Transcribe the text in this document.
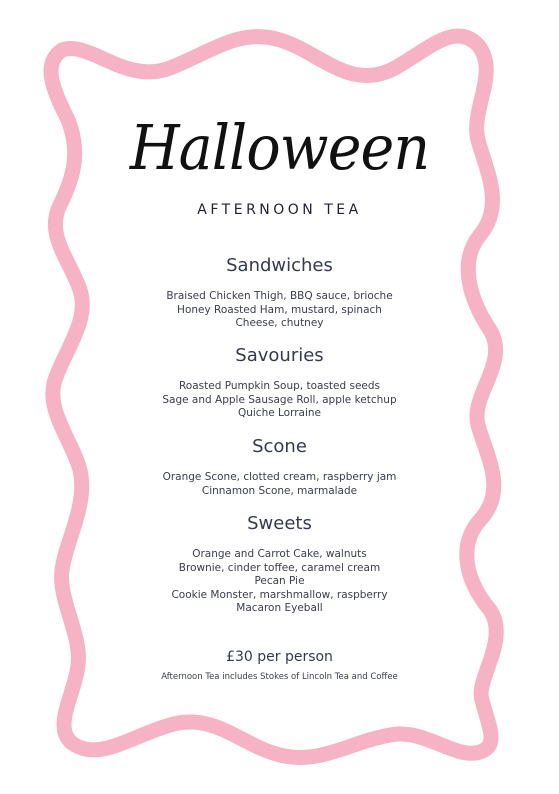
Halloween
AFTERNOON TEA
Sandwiches
Braised Chicken Thigh, BBQ sauce, brioche
Honey Roasted Ham, mustard, spinach
Cheese, chutney
Savouries
Roasted Pumpkin Soup, toasted seeds
Sage and Apple Sausage Roll, apple ketchup
Quiche Lorraine
Scone
Orange Scone, clotted cream, raspberry jam
Cinnamon Scone, marmalade
Sweets
Orange and Carrot Cake, walnuts
Brownie, cinder toffee, caramel cream
Pecan Pie
Cookie Monster, marshmallow, raspberry
Macaron Eyeball
£30 per person
Afternoon Tea includes Stokes of Lincoln Tea and Coffee
